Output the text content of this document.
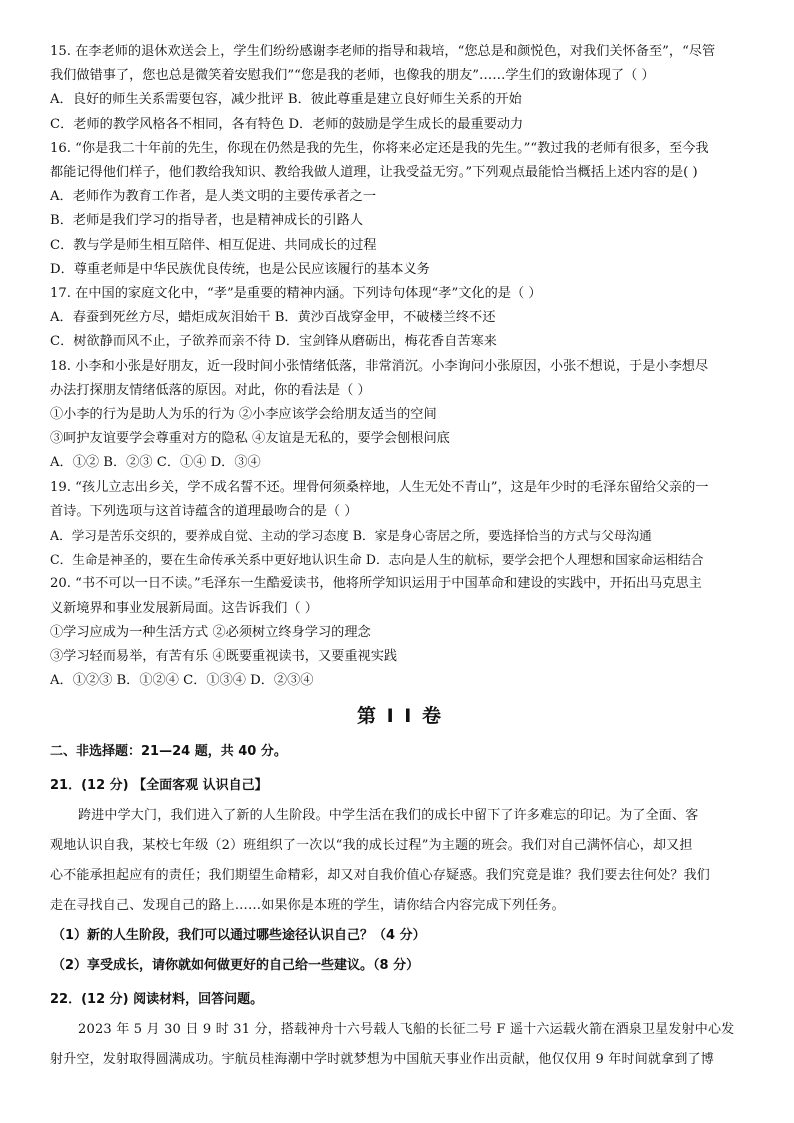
15. 在李老师的退休欢送会上，学生们纷纷感谢李老师的指导和栽培，“您总是和颜悦色，对我们关怀备至”，“尽管
我们做错事了，您也总是微笑着安慰我们”“您是我的老师，也像我的朋友”……学生们的致谢体现了（ ）
A．良好的师生关系需要包容，减少批评 B．彼此尊重是建立良好师生关系的开始
C．老师的教学风格各不相同，各有特色 D．老师的鼓励是学生成长的最重要动力
16. “你是我二十年前的先生，你现在仍然是我的先生，你将来必定还是我的先生。”“教过我的老师有很多，至今我
都能记得他们样子，他们教给我知识、教给我做人道理，让我受益无穷。”下列观点最能恰当概括上述内容的是( )
A．老师作为教育工作者，是人类文明的主要传承者之一
B．老师是我们学习的指导者，也是精神成长的引路人
C．教与学是师生相互陪伴、相互促进、共同成长的过程
D．尊重老师是中华民族优良传统，也是公民应该履行的基本义务
17. 在中国的家庭文化中，“孝”是重要的精神内涵。下列诗句体现“孝”文化的是（ ）
A．春蚕到死丝方尽，蜡炬成灰泪始干 B．黄沙百战穿金甲，不破楼兰终不还
C．树欲静而风不止，子欲养而亲不待 D．宝剑锋从磨砺出，梅花香自苦寒来
18. 小李和小张是好朋友，近一段时间小张情绪低落，非常消沉。小李询问小张原因，小张不想说，于是小李想尽
办法打探朋友情绪低落的原因。对此，你的看法是（ ）
①小李的行为是助人为乐的行为 ②小李应该学会给朋友适当的空间
③呵护友谊要学会尊重对方的隐私 ④友谊是无私的，要学会刨根问底
A．①② B．②③ C．①④ D．③④
19. “孩儿立志出乡关，学不成名誓不还。埋骨何须桑梓地，人生无处不青山”，这是年少时的毛泽东留给父亲的一
首诗。下列选项与这首诗蕴含的道理最吻合的是（ ）
A．学习是苦乐交织的，要养成自觉、主动的学习态度 B．家是身心寄居之所，要选择恰当的方式与父母沟通
C．生命是神圣的，要在生命传承关系中更好地认识生命 D．志向是人生的航标，要学会把个人理想和国家命运相结合
20. “书不可以一日不读。”毛泽东一生酷爱读书，他将所学知识运用于中国革命和建设的实践中，开拓出马克思主
义新境界和事业发展新局面。这告诉我们（ ）
①学习应成为一种生活方式 ②必须树立终身学习的理念
③学习轻而易举，有苦有乐 ④既要重视读书，又要重视实践
A．①②③ B．①②④ C．①③④ D．②③④
第 I I 卷
二、非选择题：21—24 题，共 40 分。
21．(12 分) 【全面客观 认识自己】
跨进中学大门，我们进入了新的人生阶段。中学生活在我们的成长中留下了许多难忘的印记。为了全面、客
观地认识自我，某校七年级（2）班组织了一次以“我的成长过程”为主题的班会。我们对自己满怀信心，却又担
心不能承担起应有的责任；我们期望生命精彩，却又对自我价值心存疑惑。我们究竟是谁？我们要去往何处？我们
走在寻找自己、发现自己的路上……如果你是本班的学生，请你结合内容完成下列任务。
（1）新的人生阶段，我们可以通过哪些途径认识自己？（4 分）
（2）享受成长，请你就如何做更好的自己给一些建议。（8 分）
22．(12 分) 阅读材料，回答问题。
2023 年 5 月 30 日 9 时 31 分，搭载神舟十六号载人飞船的长征二号 F 遥十六运载火箭在酒泉卫星发射中心发
射升空，发射取得圆满成功。宇航员桂海潮中学时就梦想为中国航天事业作出贡献，他仅仅用 9 年时间就拿到了博
